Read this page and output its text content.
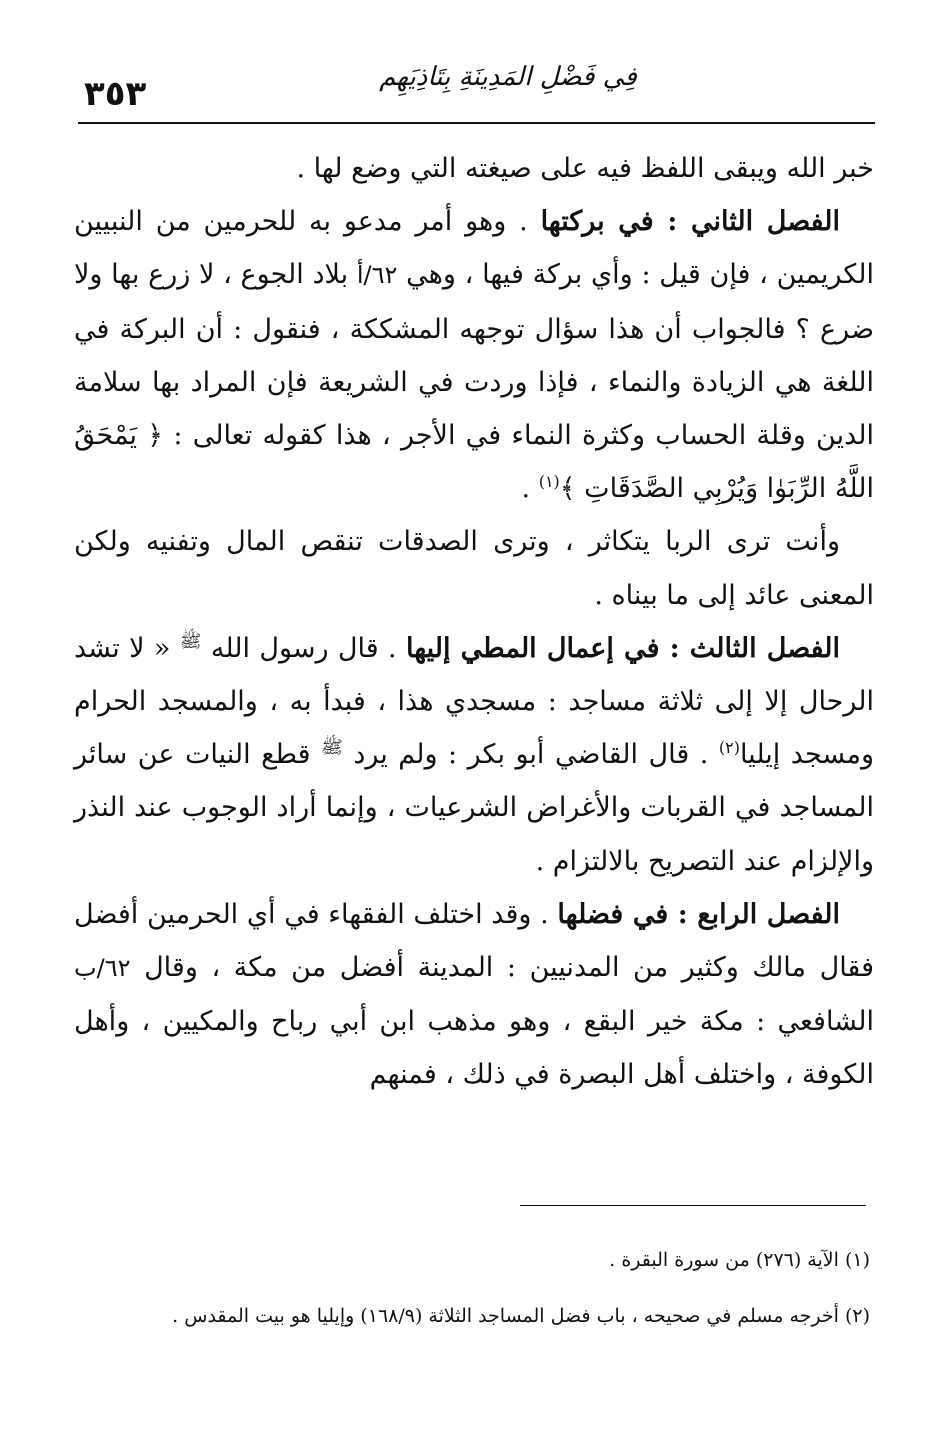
٣٥٣	فِي فَضْلِ المَدِينَةِ بِتَاذِيَهِم

خبر الله ويبقى اللفظ فيه على صيغته التي وضع لها .

الفصل الثاني : في بركتها . وهو أمر مدعو به للحرمين من النبيين الكريمين ، فإن قيل : وأي بركة فيها ، وهي ٦٢/أ بلاد الجوع ، لا زرع بها ولا ضرع ؟ فالجواب أن هذا سؤال توجهه المشككة ، فنقول : أن البركة في اللغة هي الزيادة والنماء ، فإذا وردت في الشريعة فإن المراد بها سلامة الدين وقلة الحساب وكثرة النماء في الأجر ، هذا كقوله تعالى : ﴿ يَمْحَقُ اللَّهُ الرِّبَوٰا وَيُرْبِي الصَّدَقَاتِ ﴾$^{(١)}$ .

وأنت ترى الربا يتكاثر ، وترى الصدقات تنقص المال وتفنيه ولكن المعنى عائد إلى ما بيناه .

الفصل الثالث : في إعمال المطي إليها . قال رسول الله $^ﷺ$ « لا تشد الرحال إلا إلى ثلاثة مساجد : مسجدي هذا ، فبدأ به ، والمسجد الحرام ومسجد إيليا$^{(٢)}$ . قال القاضي أبو بكر : ولم يرد $^ﷺ$ قطع النيات عن سائر المساجد في القربات والأغراض الشرعيات ، وإنما أراد الوجوب عند النذر والإلزام عند التصريح بالالتزام .

الفصل الرابع : في فضلها . وقد اختلف الفقهاء في أي الحرمين أفضل فقال مالك وكثير من المدنيين : المدينة أفضل من مكة ، وقال ٦٢/ب الشافعي : مكة خير البقع ، وهو مذهب ابن أبي رباح والمكيين ، وأهل الكوفة ، واختلف أهل البصرة في ذلك ، فمنهم

(١) الآية (٢٧٦) من سورة البقرة .

(٢) أخرجه مسلم في صحيحه ، باب فضل المساجد الثلاثة (١٦٨/٩) وإيليا هو بيت المقدس .
